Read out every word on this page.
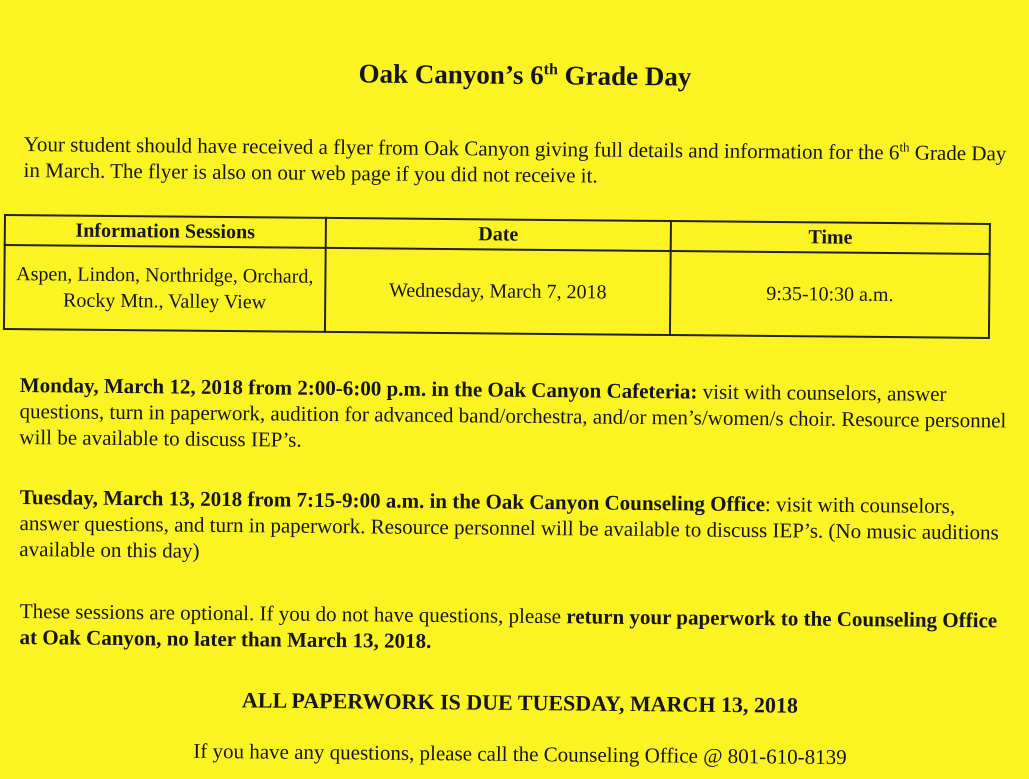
Oak Canyon’s 6th Grade Day
Your student should have received a flyer from Oak Canyon giving full details and information for the 6th Grade Day in March. The flyer is also on our web page if you did not receive it.
Information Sessions	Date	Time
Aspen, Lindon, Northridge, Orchard, Rocky Mtn., Valley View	Wednesday, March 7, 2018	9:35-10:30 a.m.
Monday, March 12, 2018 from 2:00-6:00 p.m. in the Oak Canyon Cafeteria: visit with counselors, answer questions, turn in paperwork, audition for advanced band/orchestra, and/or men’s/women/s choir. Resource personnel will be available to discuss IEP’s.
Tuesday, March 13, 2018 from 7:15-9:00 a.m. in the Oak Canyon Counseling Office: visit with counselors, answer questions, and turn in paperwork. Resource personnel will be available to discuss IEP’s. (No music auditions available on this day)
These sessions are optional. If you do not have questions, please return your paperwork to the Counseling Office at Oak Canyon, no later than March 13, 2018.
ALL PAPERWORK IS DUE TUESDAY, MARCH 13, 2018
If you have any questions, please call the Counseling Office @ 801-610-8139
